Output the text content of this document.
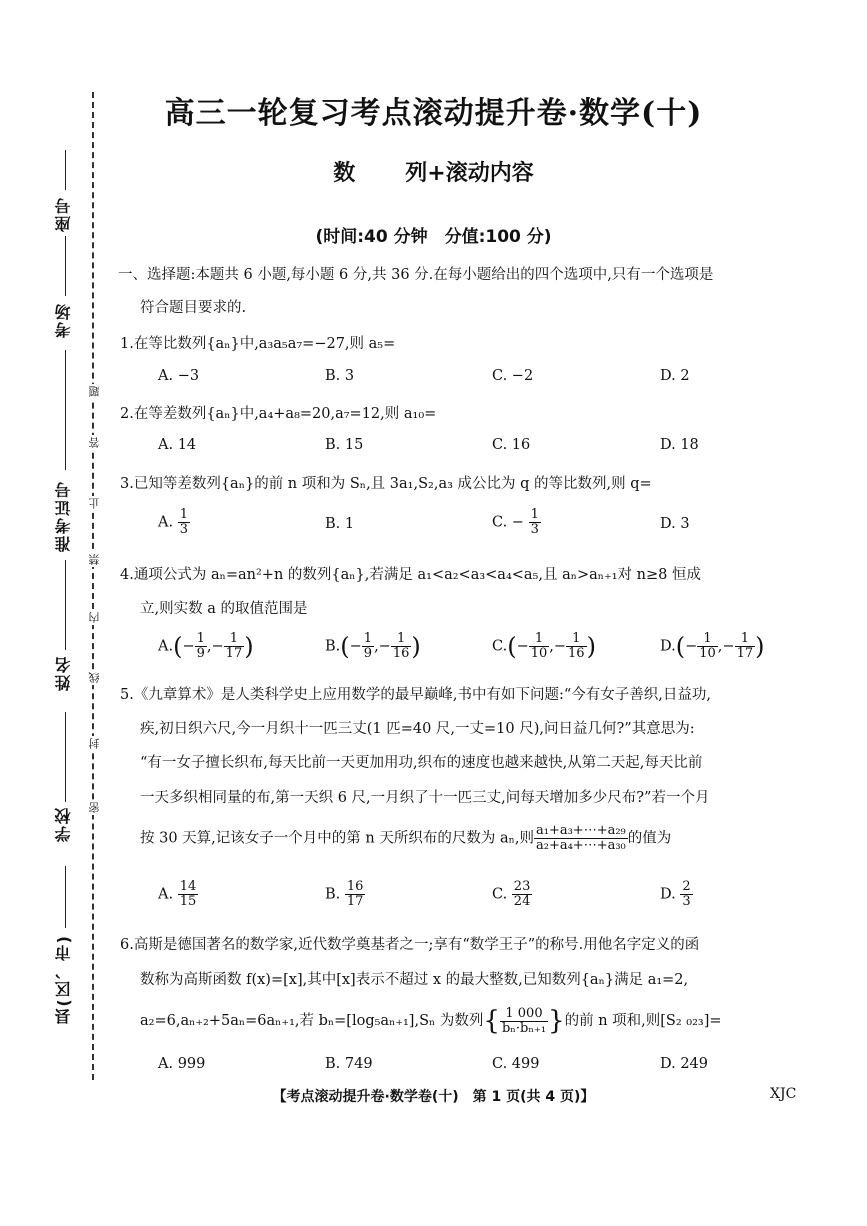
座号
考场
准考证号
姓名
学校
县(区、市)
题
答
止
禁
内
线
封
密
高三一轮复习考点滚动提升卷·数学(十)
数 列+滚动内容
(时间:40 分钟　分值:100 分)
一、选择题:本题共 6 小题,每小题 6 分,共 36 分.在每小题给出的四个选项中,只有一个选项是
符合题目要求的.
1.在等比数列{aₙ}中,a₃a₅a₇=−27,则 a₅=
A. −3	B. 3	C. −2	D. 2
2.在等差数列{aₙ}中,a₄+a₈=20,a₇=12,则 a₁₀=
A. 14	B. 15	C. 16	D. 18
3.已知等差数列{aₙ}的前 n 项和为 Sₙ,且 3a₁,S₂,a₃ 成公比为 q 的等比数列,则 q=
A. $\frac{1}{3}$	B. 1	C. − $\frac{1}{3}$	D. 3
4.通项公式为 aₙ=an²+n 的数列{aₙ},若满足 a₁<a₂<a₃<a₄<a₅,且 aₙ>aₙ₊₁对 n≥8 恒成
立,则实数 a 的取值范围是
$A.(- \frac{1}{9}$ ,− $\frac{1}{17}$ )	$B.(- \frac{1}{9}$ ,− $\frac{1}{16}$ )	$C.(- \frac{1}{10}$ ,− $\frac{1}{16}$ )	$D.(- \frac{1}{10}$ ,− $\frac{1}{17}$ )
5.《九章算术》是人类科学史上应用数学的最早巅峰,书中有如下问题:“今有女子善织,日益功,
疾,初日织六尺,今一月织十一匹三丈(1 匹=40 尺,一丈=10 尺),问日益几何?”其意思为:
“有一女子擅长织布,每天比前一天更加用功,织布的速度也越来越快,从第二天起,每天比前
一天多织相同量的布,第一天织 6 尺,一月织了十一匹三丈,问每天增加多少尺布?”若一个月
按 30 天算,记该女子一个月中的第 n 天所织布的尺数为 aₙ,则 $\frac{\text{a₁+a₃+⋯+a₂₉}}{\text{a₂+a₄+⋯+a₃₀}}$ 的值为
A. $\frac{14}{15}$	B. $\frac{16}{17}$	C. $\frac{23}{24}$	D. $\frac{2}{3}$
6.高斯是德国著名的数学家,近代数学奠基者之一;享有“数学王子”的称号.用他名字定义的函
数称为高斯函数 f(x)=[x],其中[x]表示不超过 x 的最大整数,已知数列{aₙ}满足 a₁=2,
a₂=6,aₙ₊₂+5aₙ=6aₙ₊₁,若 bₙ=[log₅aₙ₊₁],Sₙ 为数列{ $\frac{1 000}{\text{bₙ·bₙ₊₁}}$ }的前 n 项和,则[S₂ ₀₂₃]=
A. 999	B. 749	C. 499	D. 249
【考点滚动提升卷·数学卷(十)　第 1 页(共 4 页)】	XJC
